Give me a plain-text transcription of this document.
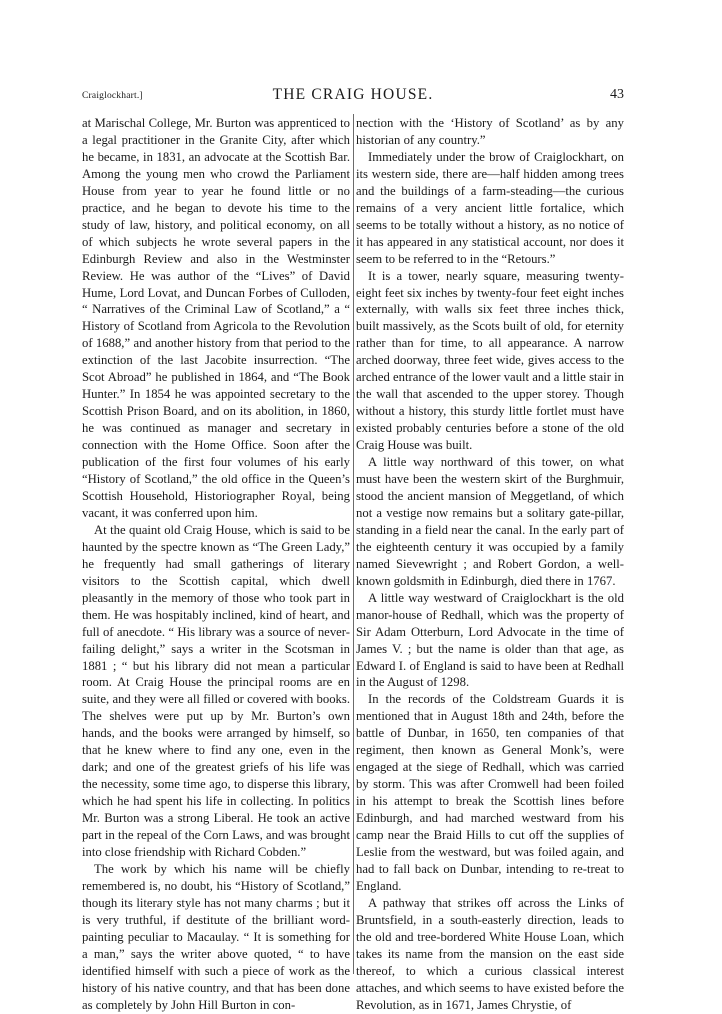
Craiglockhart.]	THE CRAIG HOUSE.	43

at Marischal College, Mr. Burton was apprenticed to a legal practitioner in the Granite City, after which he became, in 1831, an advocate at the Scottish Bar. Among the young men who crowd the Parliament House from year to year he found little or no practice, and he began to devote his time to the study of law, history, and political economy, on all of which subjects he wrote several papers in the Edinburgh Review and also in the Westminster Review. He was author of the “Lives” of David Hume, Lord Lovat, and Duncan Forbes of Culloden, “ Narratives of the Criminal Law of Scotland,” a “ History of Scotland from Agricola to the Revolution of 1688,” and another history from that period to the extinction of the last Jacobite insurrection. “The Scot Abroad” he published in 1864, and “The Book Hunter.” In 1854 he was appointed secretary to the Scottish Prison Board, and on its abolition, in 1860, he was continued as manager and secretary in connection with the Home Office. Soon after the publication of the first four volumes of his early “History of Scotland,” the old office in the Queen’s Scottish Household, Historiographer Royal, being vacant, it was conferred upon him.

At the quaint old Craig House, which is said to be haunted by the spectre known as “The Green Lady,” he frequently had small gatherings of literary visitors to the Scottish capital, which dwell pleasantly in the memory of those who took part in them. He was hospitably inclined, kind of heart, and full of anecdote. “ His library was a source of never-failing delight,” says a writer in the Scotsman in 1881 ; “ but his library did not mean a particular room. At Craig House the principal rooms are en suite, and they were all filled or covered with books. The shelves were put up by Mr. Burton’s own hands, and the books were arranged by himself, so that he knew where to find any one, even in the dark; and one of the greatest griefs of his life was the necessity, some time ago, to disperse this library, which he had spent his life in collecting. In politics Mr. Burton was a strong Liberal. He took an active part in the repeal of the Corn Laws, and was brought into close friendship with Richard Cobden.”

The work by which his name will be chiefly remembered is, no doubt, his “History of Scotland,” though its literary style has not many charms ; but it is very truthful, if destitute of the brilliant word-painting peculiar to Macaulay. “ It is something for a man,” says the writer above quoted, “ to have identified himself with such a piece of work as the history of his native country, and that has been done as completely by John Hill Burton in con-

nection with the ‘History of Scotland’ as by any historian of any country.”

Immediately under the brow of Craiglockhart, on its western side, there are—half hidden among trees and the buildings of a farm-steading—the curious remains of a very ancient little fortalice, which seems to be totally without a history, as no notice of it has appeared in any statistical account, nor does it seem to be referred to in the “Retours.”

It is a tower, nearly square, measuring twenty-eight feet six inches by twenty-four feet eight inches externally, with walls six feet three inches thick, built massively, as the Scots built of old, for eternity rather than for time, to all appearance. A narrow arched doorway, three feet wide, gives access to the arched entrance of the lower vault and a little stair in the wall that ascended to the upper storey. Though without a history, this sturdy little fortlet must have existed probably centuries before a stone of the old Craig House was built.

A little way northward of this tower, on what must have been the western skirt of the Burghmuir, stood the ancient mansion of Meggetland, of which not a vestige now remains but a solitary gate-pillar, standing in a field near the canal. In the early part of the eighteenth century it was occupied by a family named Sievewright ; and Robert Gordon, a well-known goldsmith in Edinburgh, died there in 1767.

A little way westward of Craiglockhart is the old manor-house of Redhall, which was the property of Sir Adam Otterburn, Lord Advocate in the time of James V. ; but the name is older than that age, as Edward I. of England is said to have been at Redhall in the August of 1298.

In the records of the Coldstream Guards it is mentioned that in August 18th and 24th, before the battle of Dunbar, in 1650, ten companies of that regiment, then known as General Monk’s, were engaged at the siege of Redhall, which was carried by storm. This was after Cromwell had been foiled in his attempt to break the Scottish lines before Edinburgh, and had marched westward from his camp near the Braid Hills to cut off the supplies of Leslie from the westward, but was foiled again, and had to fall back on Dunbar, intending to re-treat to England.

A pathway that strikes off across the Links of Bruntsfield, in a south-easterly direction, leads to the old and tree-bordered White House Loan, which takes its name from the mansion on the east side thereof, to which a curious classical interest attaches, and which seems to have existed before the Revolution, as in 1671, James Chrystie, of
